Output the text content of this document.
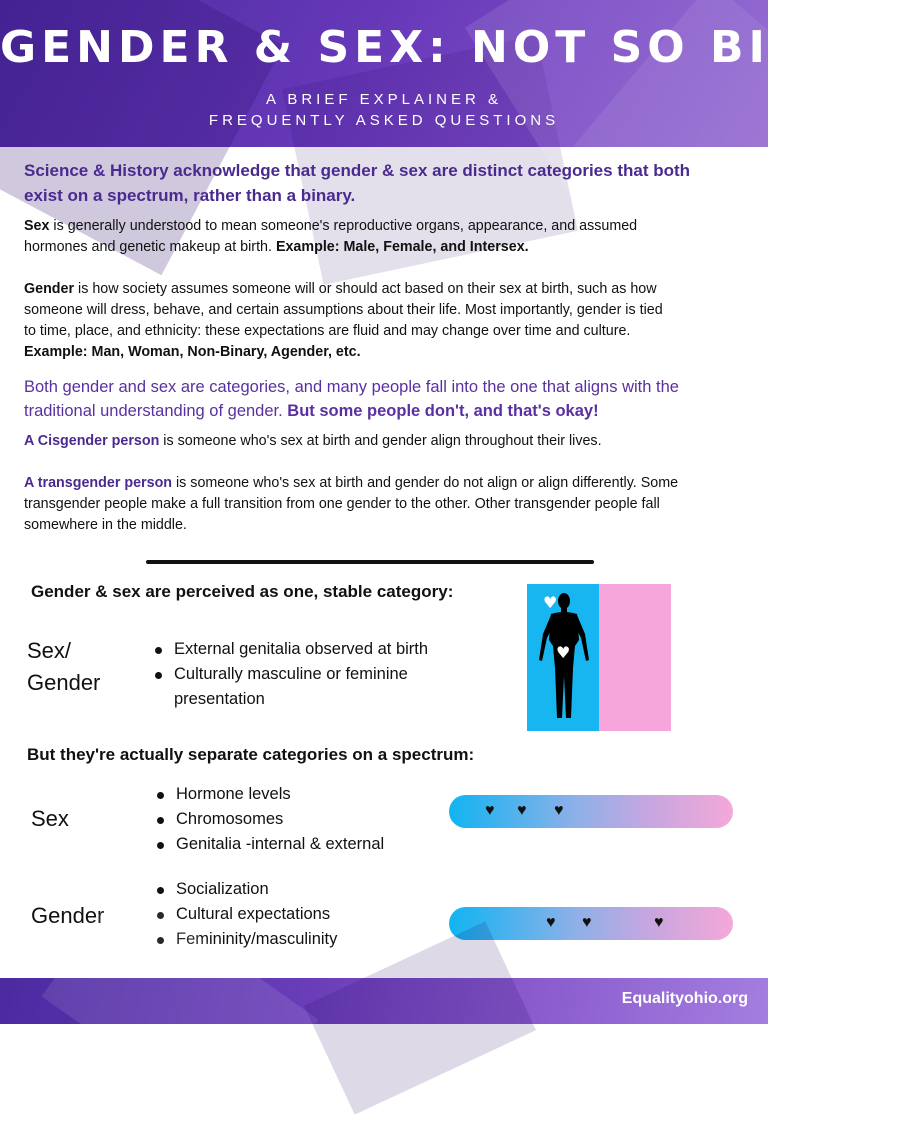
GENDER & SEX: NOT SO BINARY
A BRIEF EXPLAINER &
FREQUENTLY ASKED QUESTIONS

Science & History acknowledge that gender & sex are distinct categories that both exist on a spectrum, rather than a binary.

Sex is generally understood to mean someone's reproductive organs, appearance, and assumed hormones and genetic makeup at birth. Example: Male, Female, and Intersex.

Gender is how society assumes someone will or should act based on their sex at birth, such as how someone will dress, behave, and certain assumptions about their life. Most importantly, gender is tied to time, place, and ethnicity: these expectations are fluid and may change over time and culture. Example: Man, Woman, Non-Binary, Agender, etc.

Both gender and sex are categories, and many people fall into the one that aligns with the traditional understanding of gender. But some people don't, and that's okay!

A Cisgender person is someone who's sex at birth and gender align throughout their lives.

A transgender person is someone who's sex at birth and gender do not align or align differently. Some transgender people make a full transition from one gender to the other. Other transgender people fall somewhere in the middle.

Gender & sex are perceived as one, stable category:
Sex/
Gender
External genitalia observed at birth
Culturally masculine or feminine presentation
♥
♥
But they're actually separate categories on a spectrum:
Sex
Hormone levels
Chromosomes
Genitalia -internal & external
♥ ♥ ♥
Gender
Socialization
Cultural expectations
Femininity/masculinity
♥ ♥	♥
Equalityohio.org
